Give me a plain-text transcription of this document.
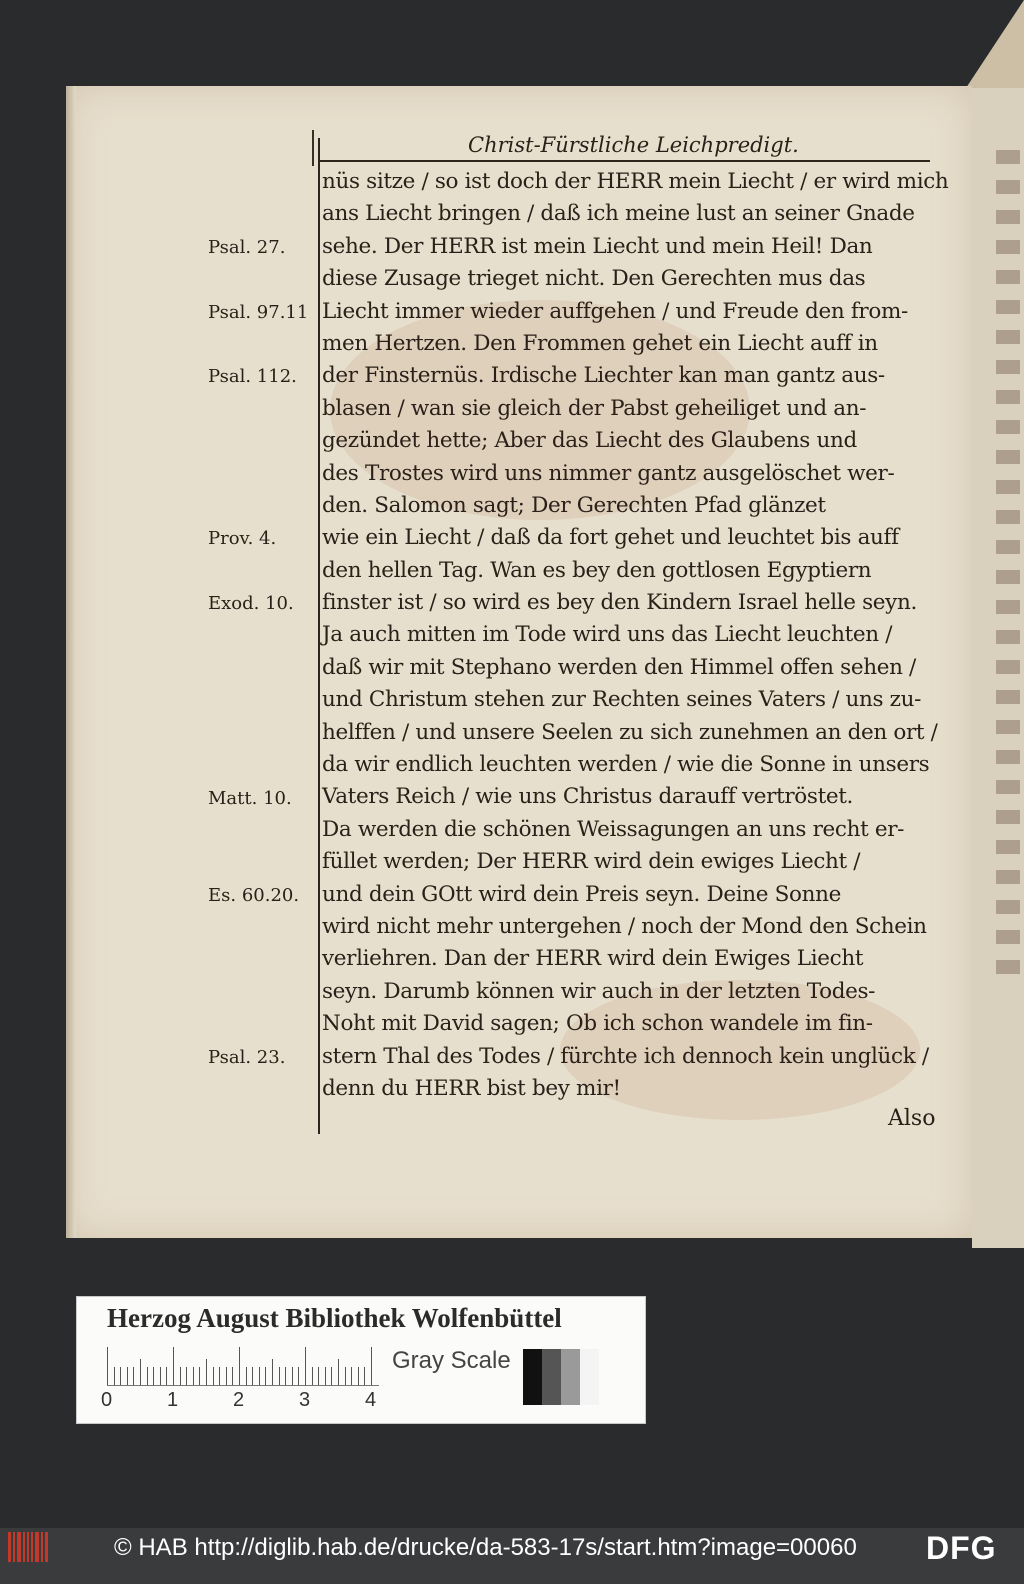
Christ-Fürstliche Leichpredigt.
nüs sitze / so ist doch der HERR mein Liecht / er wird mich
ans Liecht bringen / daß ich meine lust an seiner Gnade
sehe. Der HERR ist mein Liecht und mein Heil! Dan
diese Zusage trieget nicht. Den Gerechten mus das
Liecht immer wieder auffgehen / und Freude den from-
men Hertzen. Den Frommen gehet ein Liecht auff in
der Finsternüs. Irdische Liechter kan man gantz aus-
blasen / wan sie gleich der Pabst geheiliget und an-
gezündet hette; Aber das Liecht des Glaubens und
des Trostes wird uns nimmer gantz ausgelöschet wer-
den. Salomon sagt; Der Gerechten Pfad glänzet
wie ein Liecht / daß da fort gehet und leuchtet bis auff
den hellen Tag. Wan es bey den gottlosen Egyptiern
finster ist / so wird es bey den Kindern Israel helle seyn.
Ja auch mitten im Tode wird uns das Liecht leuchten /
daß wir mit Stephano werden den Himmel offen sehen /
und Christum stehen zur Rechten seines Vaters / uns zu-
helffen / und unsere Seelen zu sich zunehmen an den ort /
da wir endlich leuchten werden / wie die Sonne in unsers
Vaters Reich / wie uns Christus darauff vertröstet.
Da werden die schönen Weissagungen an uns recht er-
füllet werden; Der HERR wird dein ewiges Liecht /
und dein GOtt wird dein Preis seyn. Deine Sonne
wird nicht mehr untergehen / noch der Mond den Schein
verliehren. Dan der HERR wird dein Ewiges Liecht
seyn. Darumb können wir auch in der letzten Todes-
Noht mit David sagen; Ob ich schon wandele im fin-
stern Thal des Todes / fürchte ich dennoch kein unglück /
denn du HERR bist bey mir!
Psal. 27.
Psal. 97.11
Psal. 112.
Prov. 4.
Exod. 10.
Matt. 10.
Es. 60.20.
Psal. 23.
Also
Herzog August Bibliothek Wolfenbüttel
0	1	2	3	4
Gray Scale
© HAB http://diglib.hab.de/drucke/da-583-17s/start.htm?image=00060 DFG
